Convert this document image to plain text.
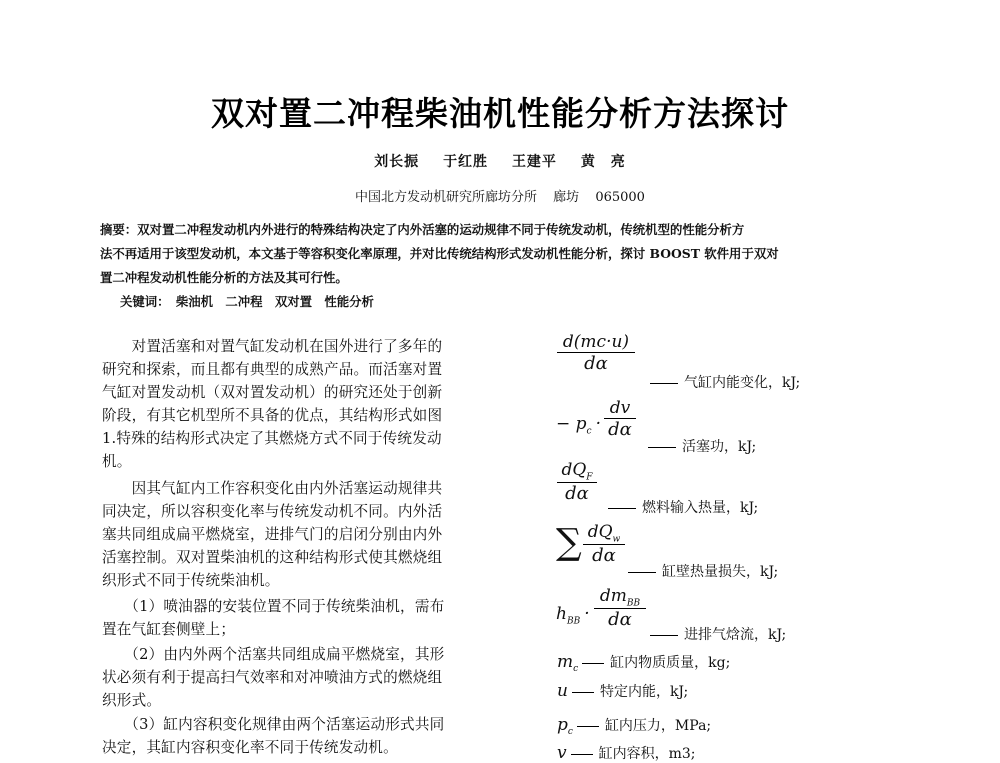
双对置二冲程柴油机性能分析方法探讨
刘长振 于红胜 王建平 黄　亮
中国北方发动机研究所廊坊分所 廊坊 065000
摘要：双对置二冲程发动机内外进行的特殊结构决定了内外活塞的运动规律不同于传统发动机，传统机型的性能分析方
法不再适用于该型发动机，本文基于等容积变化率原理，并对比传统结构形式发动机性能分析，探讨 BOOST 软件用于双对
置二冲程发动机性能分析的方法及其可行性。
关键词： 柴油机 二冲程 双对置 性能分析
　　对置活塞和对置气缸发动机在国外进行了多年的
研究和探索，而且都有典型的成熟产品。而活塞对置
气缸对置发动机（双对置发动机）的研究还处于创新
阶段，有其它机型所不具备的优点，其结构形式如图
1.特殊的结构形式决定了其燃烧方式不同于传统发动
机。
　　因其气缸内工作容积变化由内外活塞运动规律共
同决定，所以容积变化率与传统发动机不同。内外活
塞共同组成扁平燃烧室，进排气门的启闭分别由内外
活塞控制。双对置柴油机的这种结构形式使其燃烧组
织形式不同于传统柴油机。
　　（1）喷油器的安装位置不同于传统柴油机，需布
置在气缸套侧壁上；
　　（2）由内外两个活塞共同组成扁平燃烧室，其形
状必须有利于提高扫气效率和对冲喷油方式的燃烧组
织形式。
　　（3）缸内容积变化规律由两个活塞运动形式共同
决定，其缸内容积变化率不同于传统发动机。
$\frac{d(mc\cdot u)}{d\alpha}$
气缸内能变化，kJ;
− $p_c \cdot \frac{dv}{d\alpha}$
活塞功，kJ;
$dQ_F$
dα
燃料输入热量，kJ;
∑ $dQ_w$
dα
缸壁热量损失，kJ;
$h_{BB}$ ·
$dm_{BB}$
dα
进排气焓流，kJ;
$m_c$ 缸内物质质量，kg;
u 特定内能，kJ;
$p_c$ 缸内压力，MPa;
v 缸内容积，m3;
